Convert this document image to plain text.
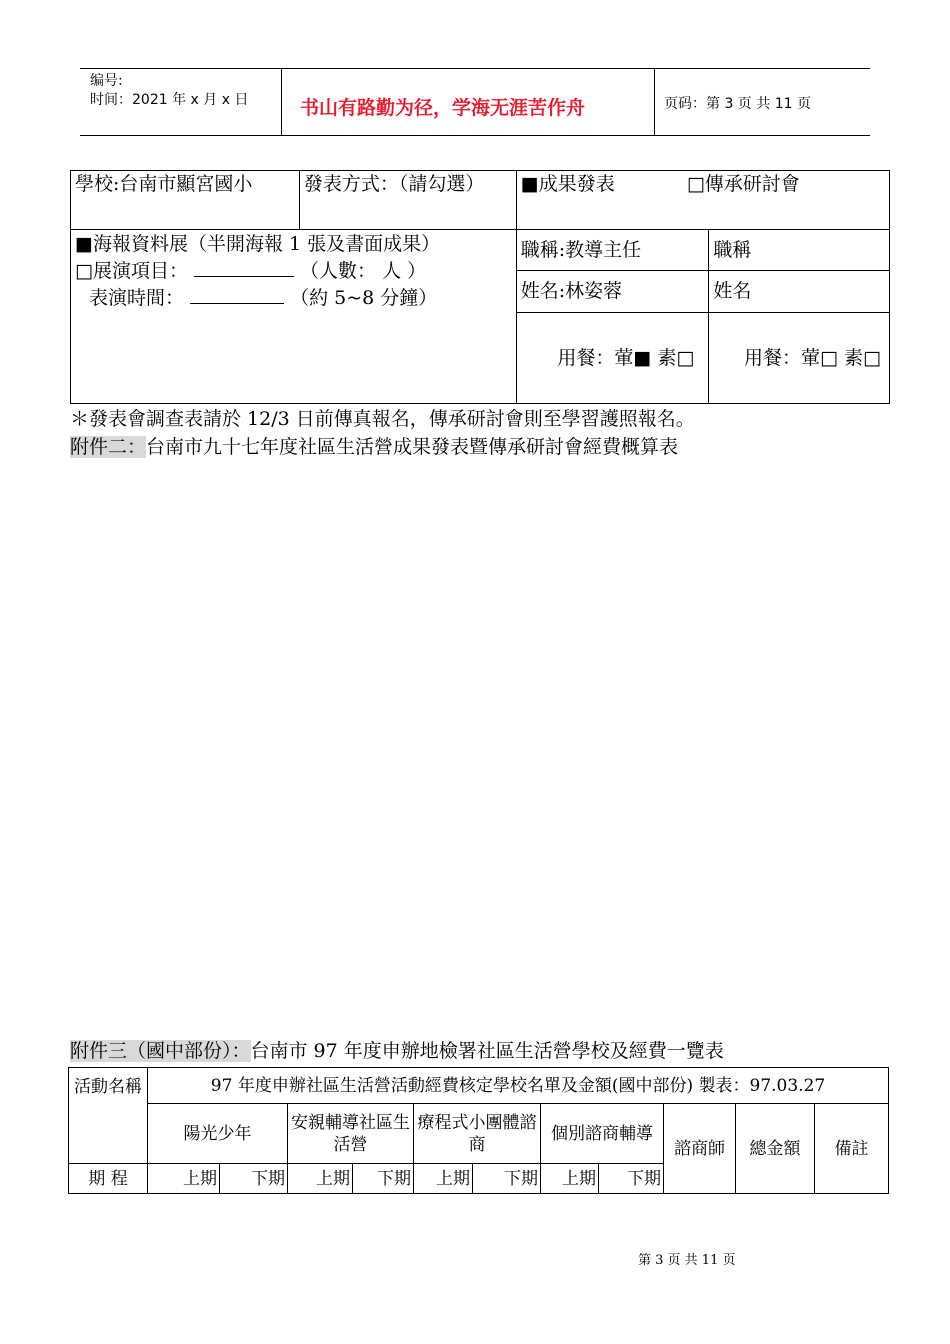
编号:
时间：2021 年 x 月 x 日	书山有路勤为径，学海无涯苦作舟	页码：第 3 页 共 11 页
學校:台南市顯宮國小	發表方式：（請勾選）	■成果發表 □傳承研討會	

■海報資料展（半開海報 1 張及書面成果）
□展演項目： （人數： 人 ）
表演時間： （約 5~8 分鐘）		職稱:教導主任	職稱
		姓名:林姿蓉	姓名
		用餐：葷■ 素□	用餐：葷□ 素□
＊發表會調查表請於 12/3 日前傳真報名，傳承研討會則至學習護照報名。
附件二：台南市九十七年度社區生活營成果發表暨傳承研討會經費概算表
附件三（國中部份）：台南市 97 年度申辦地檢署社區生活營學校及經費一覽表
活動名稱	97 年度申辦社區生活營活動經費核定學校名單及金額(國中部份) 製表：97.03.27										
	陽光少年		安親輔導社區生活營		療程式小團體諮商		個別諮商輔導		諮商師	總金額	備註
期 程	上期	下期	上期	下期	上期	下期	上期	下期			
第 3 页 共 11 页
